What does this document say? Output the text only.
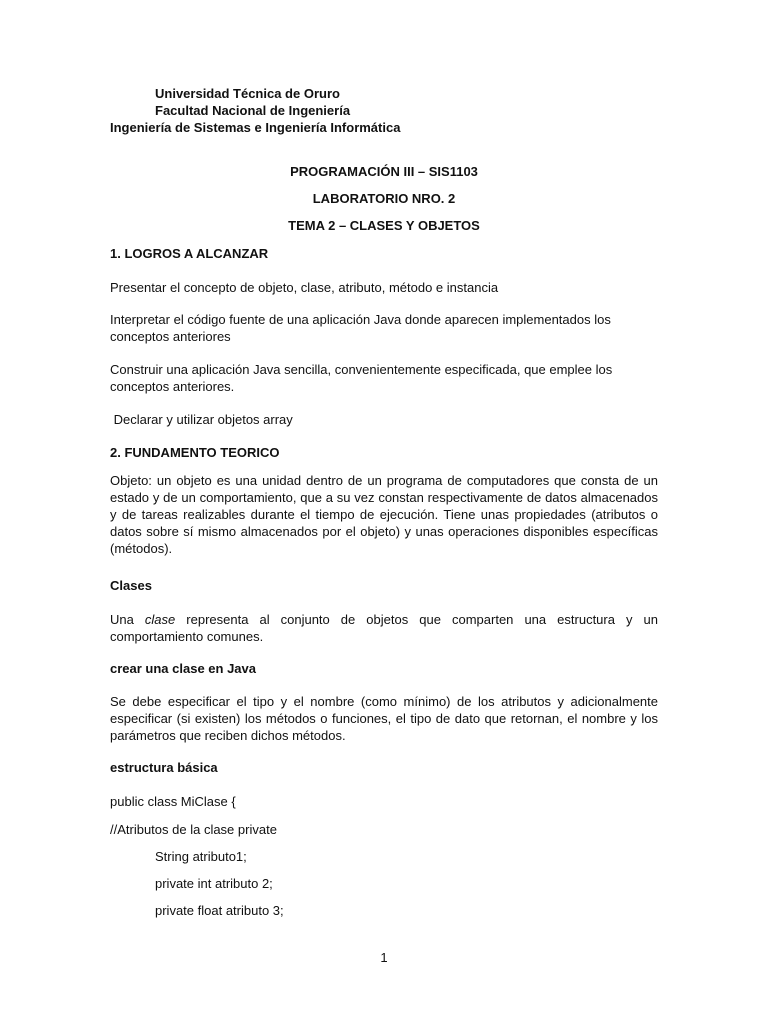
Universidad Técnica de Oruro
Facultad Nacional de Ingeniería
Ingeniería de Sistemas e Ingeniería Informática
PROGRAMACIÓN III – SIS1103
LABORATORIO NRO. 2
TEMA 2 – CLASES Y OBJETOS
1. LOGROS A ALCANZAR
Presentar el concepto de objeto, clase, atributo, método e instancia
Interpretar el código fuente de una aplicación Java donde aparecen implementados los conceptos anteriores
Construir una aplicación Java sencilla, convenientemente especificada, que emplee los conceptos anteriores.
Declarar y utilizar objetos array
2. FUNDAMENTO TEORICO
Objeto: un objeto es una unidad dentro de un programa de computadores que consta de un estado y de un comportamiento, que a su vez constan respectivamente de datos almacenados y de tareas realizables durante el tiempo de ejecución. Tiene unas propiedades (atributos o datos sobre sí mismo almacenados por el objeto) y unas operaciones disponibles específicas (métodos).
Clases
Una clase representa al conjunto de objetos que comparten una estructura y un comportamiento comunes.
crear una clase en Java
Se debe especificar el tipo y el nombre (como mínimo) de los atributos y adicionalmente especificar (si existen) los métodos o funciones, el tipo de dato que retornan, el nombre y los parámetros que reciben dichos métodos.
estructura básica
public class MiClase {
//Atributos de la clase private
String atributo1;
private int atributo 2;
private float atributo 3;
1
